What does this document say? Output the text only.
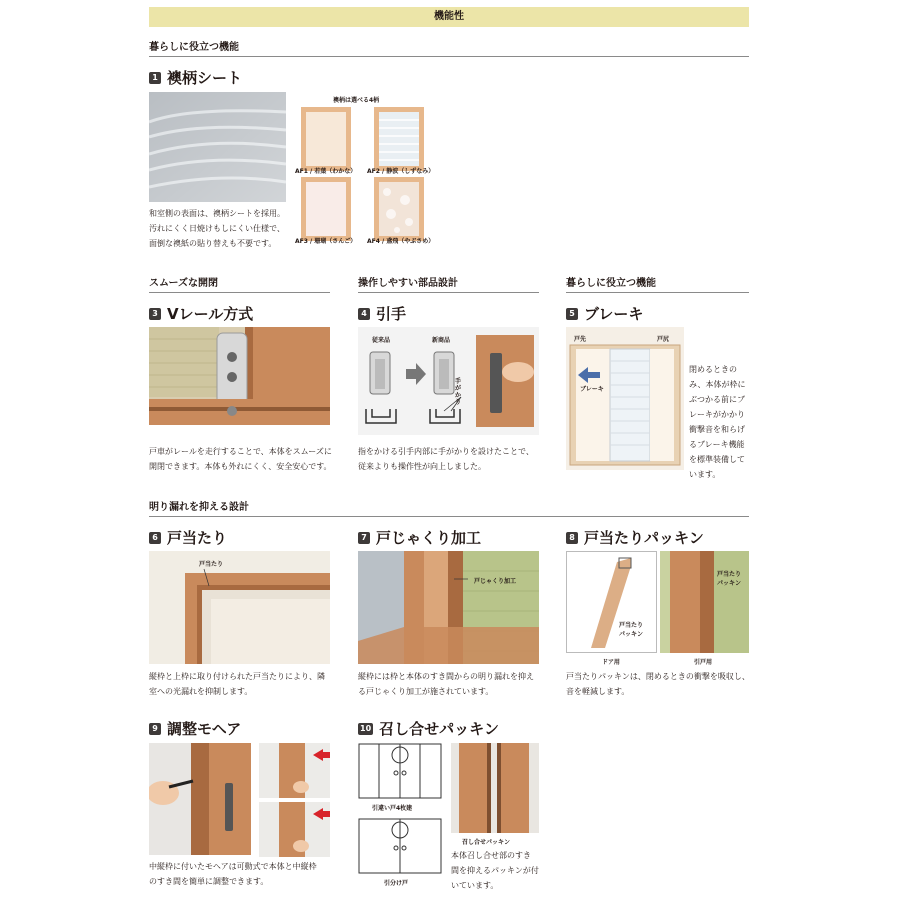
機能性
暮らしに役立つ機能
1 襖柄シート
和室側の表面は、襖柄シートを採用。
汚れにくく日焼けもしにくい仕様で、
面倒な襖紙の貼り替えも不要です。
襖柄は選べる4柄
AF1 / 若葉（わかな） AF2 / 静波（しずなみ）
AF3 / 珊瑚（さんご） AF4 / 鳶飛（やぶさめ）
スムーズな開閉	操作しやすい部品設計	暮らしに役立つ機能
3 Vレール方式
戸車がレールを走行することで、本体をスムーズに
開閉できます。本体も外れにくく、安全安心です。
4 引手
従来品	新商品
手がかり
指をかける引手内部に手がかりを設けたことで、
従来よりも操作性が向上しました。
5 ブレーキ
戸先	戸尻
ブレーキ
閉めるときの
み、本体が枠に
ぶつかる前にブ
レーキがかかり
衝撃音を和らげ
るブレーキ機能
を標準装備して
います。
明り漏れを抑える設計
6 戸当たり
戸当たり
縦枠と上枠に取り付けられた戸当たりにより、隣
室への光漏れを抑制します。
7 戸じゃくり加工
戸じゃくり加工
縦枠には枠と本体のすき間からの明り漏れを抑え
る戸じゃくり加工が施されています。
8 戸当たりパッキン
戸当たり
パッキン
戸当たり
パッキン
ドア用	引戸用
戸当たりパッキンは、閉めるときの衝撃を吸収し、
音を軽減します。
9 調整モヘア
中縦枠に付いたモヘアは可動式で本体と中縦枠
のすき間を簡単に調整できます。
10 召し合せパッキン
引違い戸4枚建
引分け戸
召し合せパッキン
本体召し合せ部のすき
間を抑えるパッキンが付
いています。
